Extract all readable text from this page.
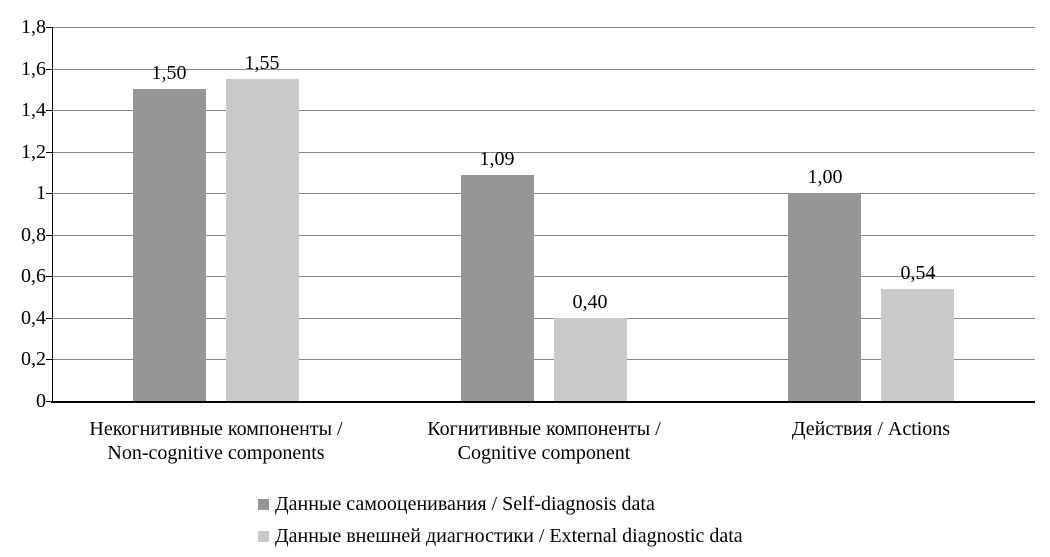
0
0,2
0,4
0,6
0,8
1
1,2
1,4
1,6
1,8
1,50	1,55
1,09
0,40
1,00
0,54
Некогнитивные компоненты /
Non-cognitive components
Когнитивные компоненты /
Cognitive component
Действия / Actions
Данные самооценивания / Self-diagnosis data
Данные внешней диагностики / External diagnostic data
